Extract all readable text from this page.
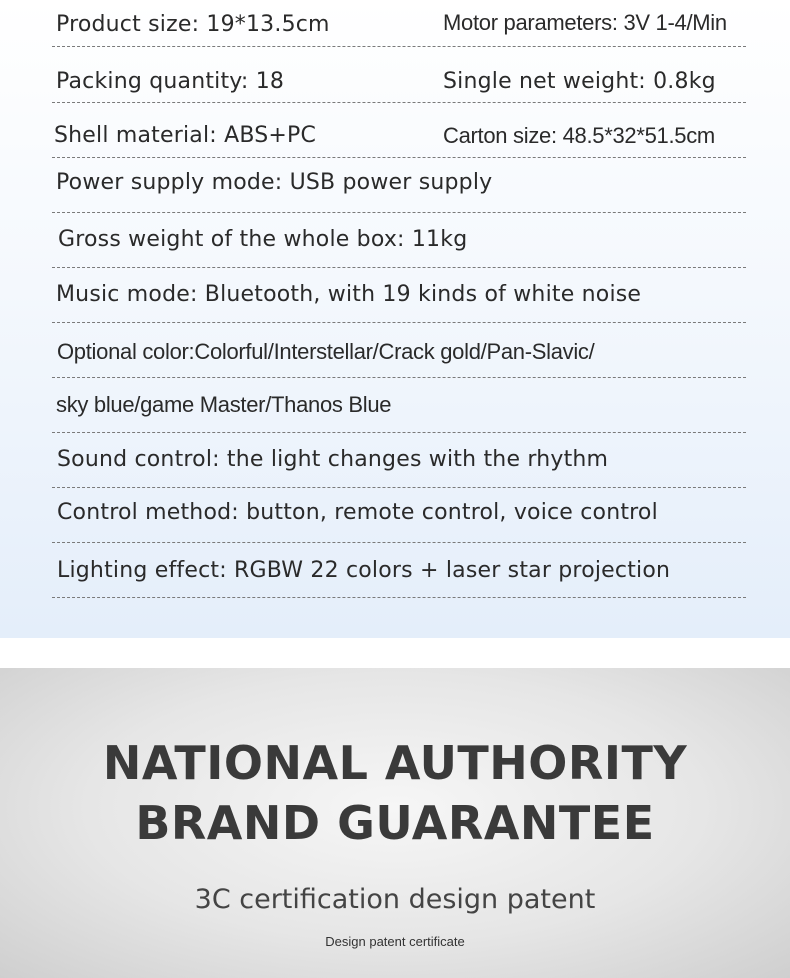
Product size: 19*13.5cm	Motor parameters: 3V 1-4/Min
Packing quantity: 18	Single net weight: 0.8kg
Shell material: ABS+PC	Carton size: 48.5*32*51.5cm
Power supply mode: USB power supply
Gross weight of the whole box: 11kg
Music mode: Bluetooth, with 19 kinds of white noise
Optional color:Colorful/Interstellar/Crack gold/Pan-Slavic/
sky blue/game Master/Thanos Blue
Sound control: the light changes with the rhythm
Control method: button, remote control, voice control
Lighting effect: RGBW 22 colors + laser star projection
NATIONAL AUTHORITY
BRAND GUARANTEE
3C certification design patent
Design patent certificate
